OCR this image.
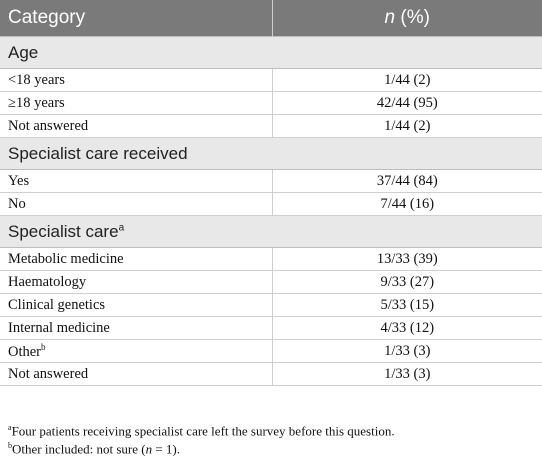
Category	n (%)
Age	
<18 years	1/44 (2)
≥18 years	42/44 (95)
Not answered	1/44 (2)
Specialist care received	
Yes	37/44 (84)
No	7/44 (16)
Specialist care$^a$
Metabolic medicine	13/33 (39)
Haematology	9/33 (27)
Clinical genetics	5/33 (15)
Internal medicine	4/33 (12)
Other$^b$	1/33 (3)
Not answered	1/33 (3)
$^a$Four patients receiving specialist care left the survey before this question.
$^b$Other included: not sure (n = 1).
